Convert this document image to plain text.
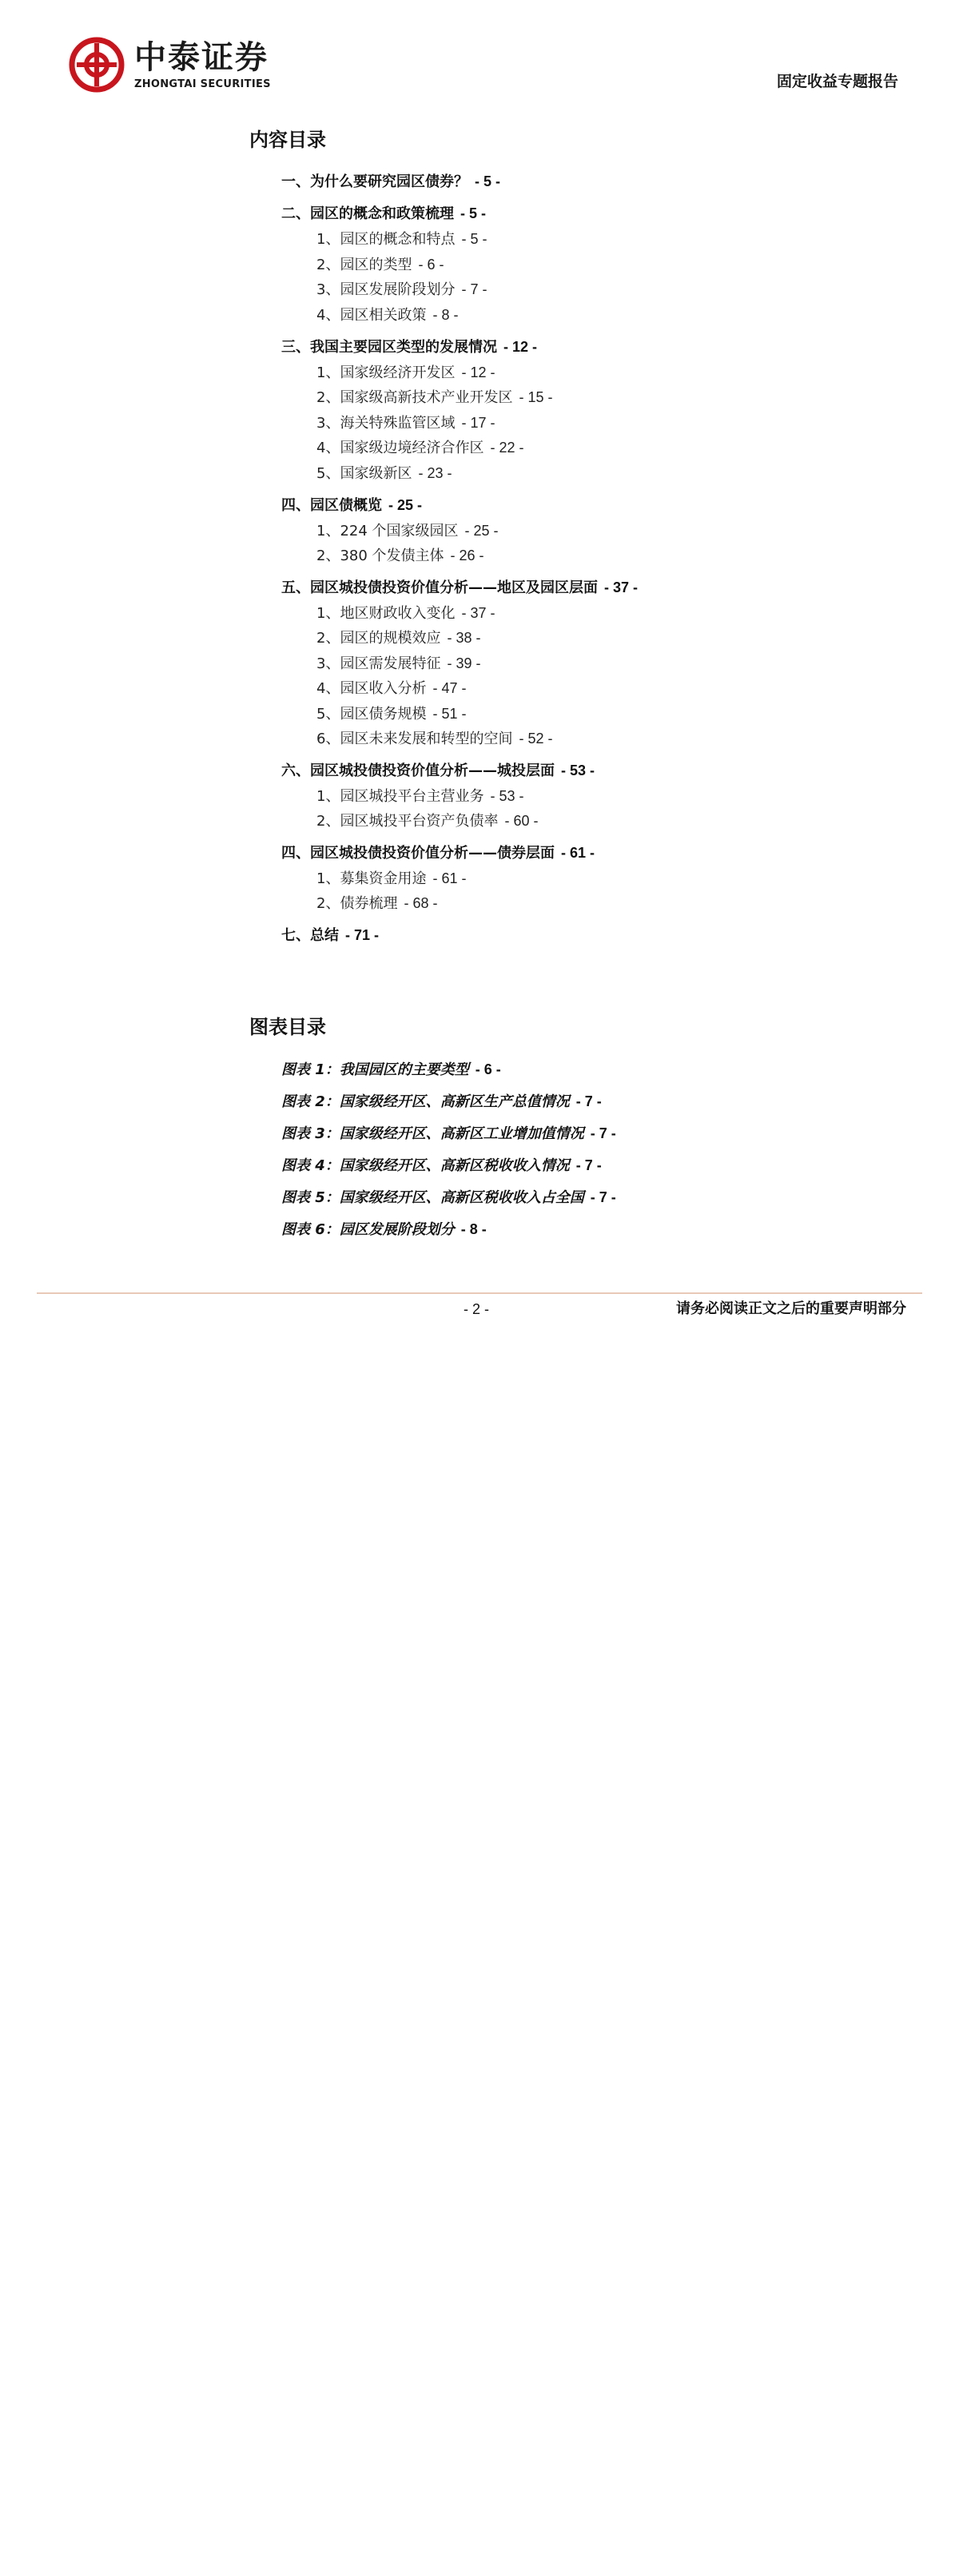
中泰证券
ZHONGTAI SECURITIES	固定收益专题报告
内容目录
一、为什么要研究园区债券？ - 5 -
二、园区的概念和政策梳理 - 5 -
1、园区的概念和特点 - 5 -
2、园区的类型 - 6 -
3、园区发展阶段划分 - 7 -
4、园区相关政策 - 8 -
三、我国主要园区类型的发展情况 - 12 -
1、国家级经济开发区 - 12 -
2、国家级高新技术产业开发区 - 15 -
3、海关特殊监管区域 - 17 -
4、国家级边境经济合作区 - 22 -
5、国家级新区 - 23 -
四、园区债概览 - 25 -
1、224 个国家级园区 - 25 -
2、380 个发债主体 - 26 -
五、园区城投债投资价值分析——地区及园区层面 - 37 -
1、地区财政收入变化 - 37 -
2、园区的规模效应 - 38 -
3、园区需发展特征 - 39 -
4、园区收入分析 - 47 -
5、园区债务规模 - 51 -
6、园区未来发展和转型的空间 - 52 -
六、园区城投债投资价值分析——城投层面 - 53 -
1、园区城投平台主营业务 - 53 -
2、园区城投平台资产负债率 - 60 -
四、园区城投债投资价值分析——债券层面 - 61 -
1、募集资金用途 - 61 -
2、债券梳理 - 68 -
七、总结 - 71 -
图表目录
图表 1：我国园区的主要类型 - 6 -
图表 2：国家级经开区、高新区生产总值情况 - 7 -
图表 3：国家级经开区、高新区工业增加值情况 - 7 -
图表 4：国家级经开区、高新区税收收入情况 - 7 -
图表 5：国家级经开区、高新区税收收入占全国 - 7 -
图表 6：园区发展阶段划分 - 8 -
- 2 -	请务必阅读正文之后的重要声明部分
